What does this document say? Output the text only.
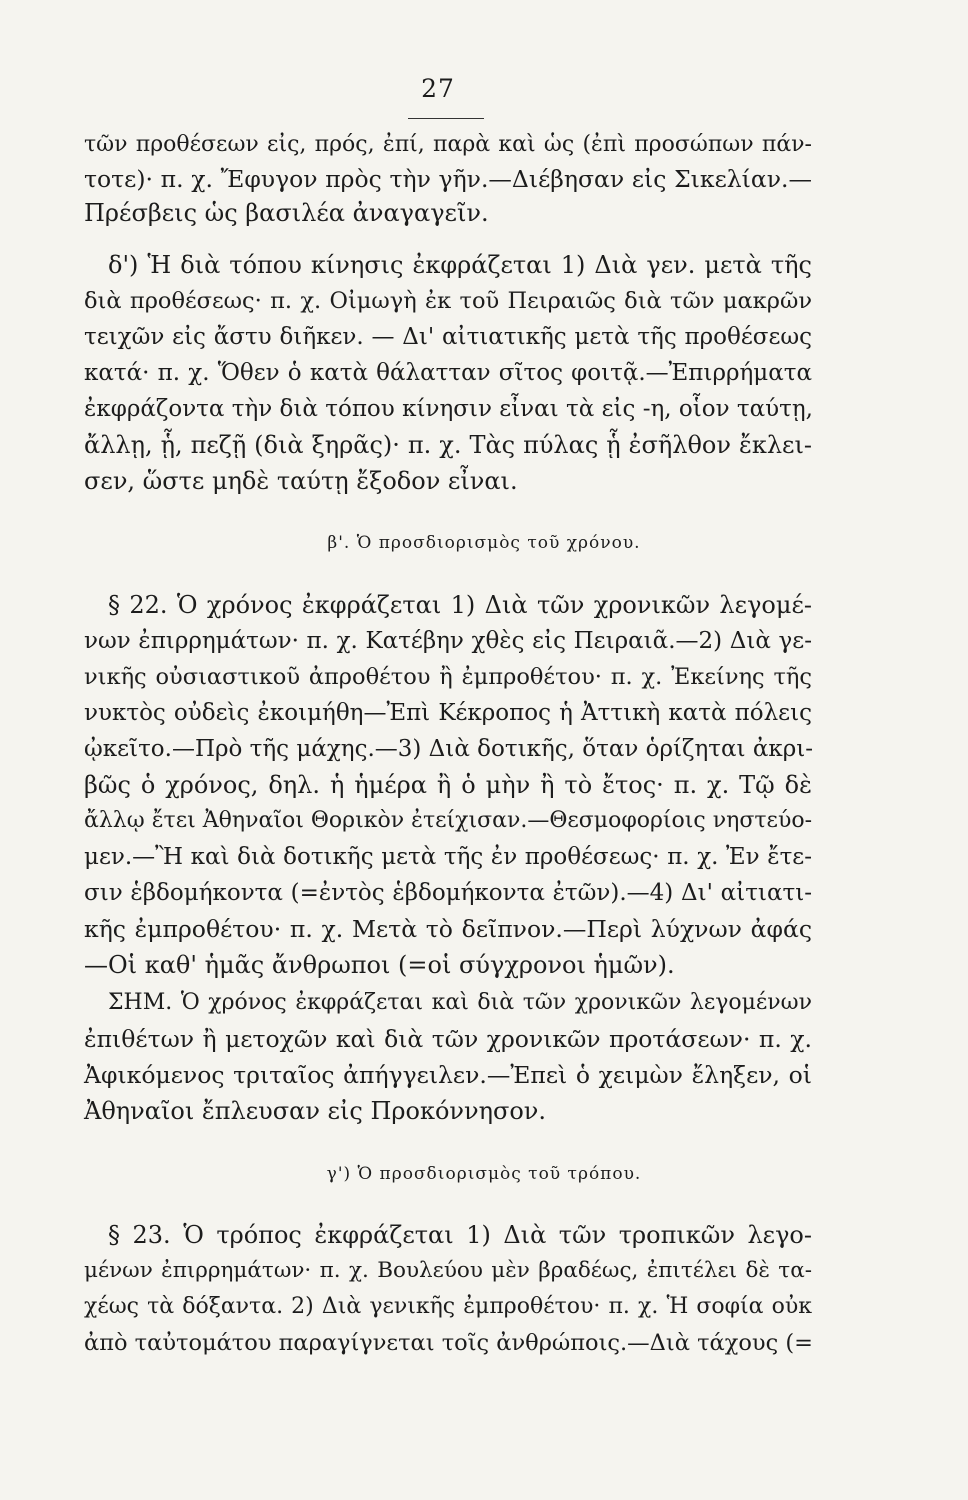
27
τῶν προθέσεων εἰς, πρός, ἐπί, παρὰ καὶ ὡς (ἐπὶ προσώπων πάν-
τοτε)· π. χ. Ἔφυγον πρὸς τὴν γῆν.—Διέβησαν εἰς Σικελίαν.—
Πρέσβεις ὡς βασιλέα ἀναγαγεῖν.
δ') Ἡ διὰ τόπου κίνησις ἐκφράζεται 1) Διὰ γεν. μετὰ τῆς
διὰ προθέσεως· π. χ. Οἰμωγὴ ἐκ τοῦ Πειραιῶς διὰ τῶν μακρῶν
τειχῶν εἰς ἄστυ διῆκεν. — Δι' αἰτιατικῆς μετὰ τῆς προθέσεως
κατά· π. χ. Ὅθεν ὁ κατὰ θάλατταν σῖτος φοιτᾷ.—Ἐπιρρήματα
ἐκφράζοντα τὴν διὰ τόπου κίνησιν εἶναι τὰ εἰς -η, οἷον ταύτῃ,
ἄλλῃ, ᾗ, πεζῇ (διὰ ξηρᾶς)· π. χ. Τὰς πύλας ᾗ ἐσῆλθον ἔκλει-
σεν, ὥστε μηδὲ ταύτῃ ἔξοδον εἶναι.
β'. Ὁ προσδιορισμὸς τοῦ χρόνου.
§ 22. Ὁ χρόνος ἐκφράζεται 1) Διὰ τῶν χρονικῶν λεγομέ-
νων ἐπιρρημάτων· π. χ. Κατέβην χθὲς εἰς Πειραιᾶ.—2) Διὰ γε-
νικῆς οὐσιαστικοῦ ἀπροθέτου ἢ ἐμπροθέτου· π. χ. Ἐκείνης τῆς
νυκτὸς οὐδεὶς ἐκοιμήθη—Ἐπὶ Κέκροπος ἡ Ἀττικὴ κατὰ πόλεις
ᾠκεῖτο.—Πρὸ τῆς μάχης.—3) Διὰ δοτικῆς, ὅταν ὁρίζηται ἀκρι-
βῶς ὁ χρόνος, δηλ. ἡ ἡμέρα ἢ ὁ μὴν ἢ τὸ ἔτος· π. χ. Τῷ δὲ
ἄλλῳ ἔτει Ἀθηναῖοι Θορικὸν ἐτείχισαν.—Θεσμοφορίοις νηστεύο-
μεν.—Ἢ καὶ διὰ δοτικῆς μετὰ τῆς ἐν προθέσεως· π. χ. Ἐν ἔτε-
σιν ἑβδομήκοντα (=ἐντὸς ἑβδομήκοντα ἐτῶν).—4) Δι' αἰτιατι-
κῆς ἐμπροθέτου· π. χ. Μετὰ τὸ δεῖπνον.—Περὶ λύχνων ἀφάς
—Οἱ καθ' ἡμᾶς ἄνθρωποι (=οἱ σύγχρονοι ἡμῶν).
ΣΗΜ. Ὁ χρόνος ἐκφράζεται καὶ διὰ τῶν χρονικῶν λεγομένων
ἐπιθέτων ἢ μετοχῶν καὶ διὰ τῶν χρονικῶν προτάσεων· π. χ.
Ἀφικόμενος τριταῖος ἀπήγγειλεν.—Ἐπεὶ ὁ χειμὼν ἔληξεν, οἱ
Ἀθηναῖοι ἔπλευσαν εἰς Προκόννησον.
γ') Ὁ προσδιορισμὸς τοῦ τρόπου.
§ 23. Ὁ τρόπος ἐκφράζεται 1) Διὰ τῶν τροπικῶν λεγο-
μένων ἐπιρρημάτων· π. χ. Βουλεύου μὲν βραδέως, ἐπιτέλει δὲ τα-
χέως τὰ δόξαντα. 2) Διὰ γενικῆς ἐμπροθέτου· π. χ. Ἡ σοφία οὐκ
ἀπὸ ταὐτομάτου παραγίγνεται τοῖς ἀνθρώποις.—Διὰ τάχους (=
